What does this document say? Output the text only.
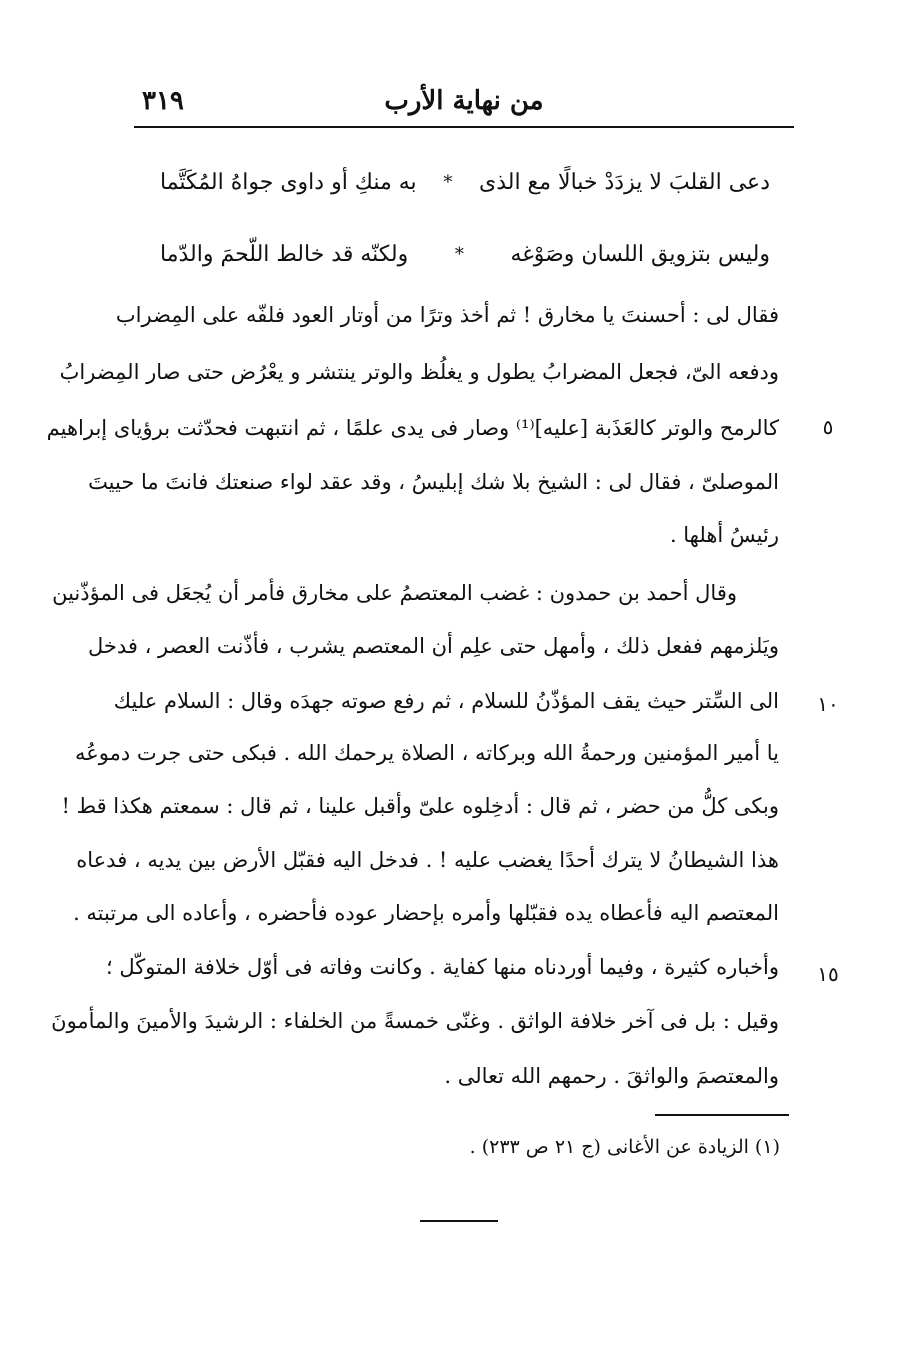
٣١٩	من نهاية الأرب
دعى القلبَ لا يزدَدْ خبالًا مع الذى
*
به منكِ أو داوى جواهُ المُكَتَّما
وليس بتزويق اللسان وصَوْغه
*
ولكنّه قد خالط اللّحمَ والدّما
فقال لى : أحسنتَ يا مخارق ! ثم أخذ وترًا من أوتار العود فلفّه على المِضراب
ودفعه الىّ، فجعل المضرابُ يطول و يغلُظ والوتر ينتشر و يعْرُض حتى صار المِضرابُ
كالرمح والوتر كالعَذَبة [عليه]⁽¹⁾ وصار فى يدى علمًا ، ثم انتبهت فحدّثت برؤياى إبراهيم
الموصلىّ ، فقال لى : الشيخ بلا شك إبليسُ ، وقد عقد لواء صنعتك فانتَ ما حييتَ
رئيسُ أهلها .
وقال أحمد بن حمدون : غضب المعتصمُ على مخارق فأمر أن يُجعَل فى المؤذّنين
ويَلزمهم ففعل ذلك ، وأمهل حتى علِم أن المعتصم يشرب ، فأذّنت العصر ، فدخل
الى السِّتر حيث يقف المؤذّنُ للسلام ، ثم رفع صوته جهدَه وقال : السلام عليك
يا أمير المؤمنين ورحمةُ الله وبركاته ، الصلاة يرحمك الله . فبكى حتى جرت دموعُه
وبكى كلُّ من حضر ، ثم قال : أدخِلوه علىّ وأقبل علينا ، ثم قال : سمعتم هكذا قط !
هذا الشيطانُ لا يترك أحدًا يغضب عليه ! . فدخل اليه فقبّل الأرض بين يديه ، فدعاه
المعتصم اليه فأعطاه يده فقبّلها وأمره بإحضار عوده فأحضره ، وأعاده الى مرتبته .
وأخباره كثيرة ، وفيما أوردناه منها كفاية . وكانت وفاته فى أوّل خلافة المتوكّل ؛
وقيل : بل فى آخر خلافة الواثق . وغنّى خمسةً من الخلفاء : الرشيدَ والأمينَ والمأمونَ
والمعتصمَ والواثقَ . رحمهم الله تعالى .
٥
١٠
١٥
(١) الزيادة عن الأغانى (ج ٢١ ص ٢٣٣) .
